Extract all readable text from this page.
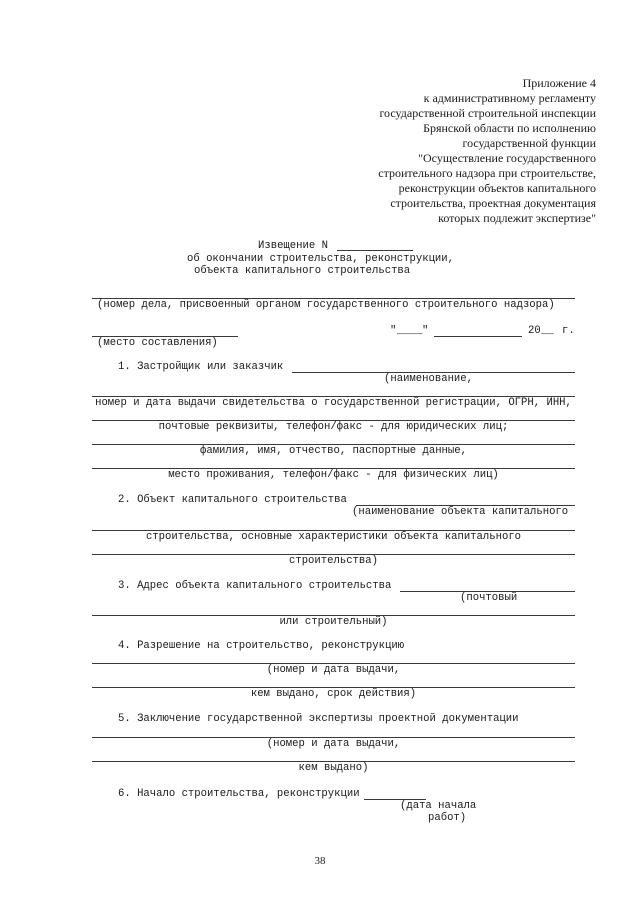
Приложение 4
к административному регламенту
государственной строительной инспекции
Брянской области по исполнению
государственной функции
"Осуществление государственного
строительного надзора при строительстве,
реконструкции объектов капитального
строительства, проектная документация
которых подлежит экспертизе"
Извещение N
об окончании строительства, реконструкции,
объекта капитального строительства
(номер дела, присвоенный органом государственного строительного надзора)
" ____ "	20 __ г.
(место составления)
1. Застройщик или заказчик
(наименование,
номер и дата выдачи свидетельства о государственной регистрации, ОГРН, ИНН,
почтовые реквизиты, телефон/факс - для юридических лиц;
фамилия, имя, отчество, паспортные данные,
место проживания, телефон/факс - для физических лиц)
2. Объект капитального строительства
(наименование объекта капитального
строительства, основные характеристики объекта капитального
строительства)
3. Адрес объекта капитального строительства
(почтовый
или строительный)
4. Разрешение на строительство, реконструкцию
(номер и дата выдачи,
кем выдано, срок действия)
5. Заключение государственной экспертизы проектной документации
(номер и дата выдачи,
кем выдано)
6. Начало строительства, реконструкции
(дата начала
работ)
38
